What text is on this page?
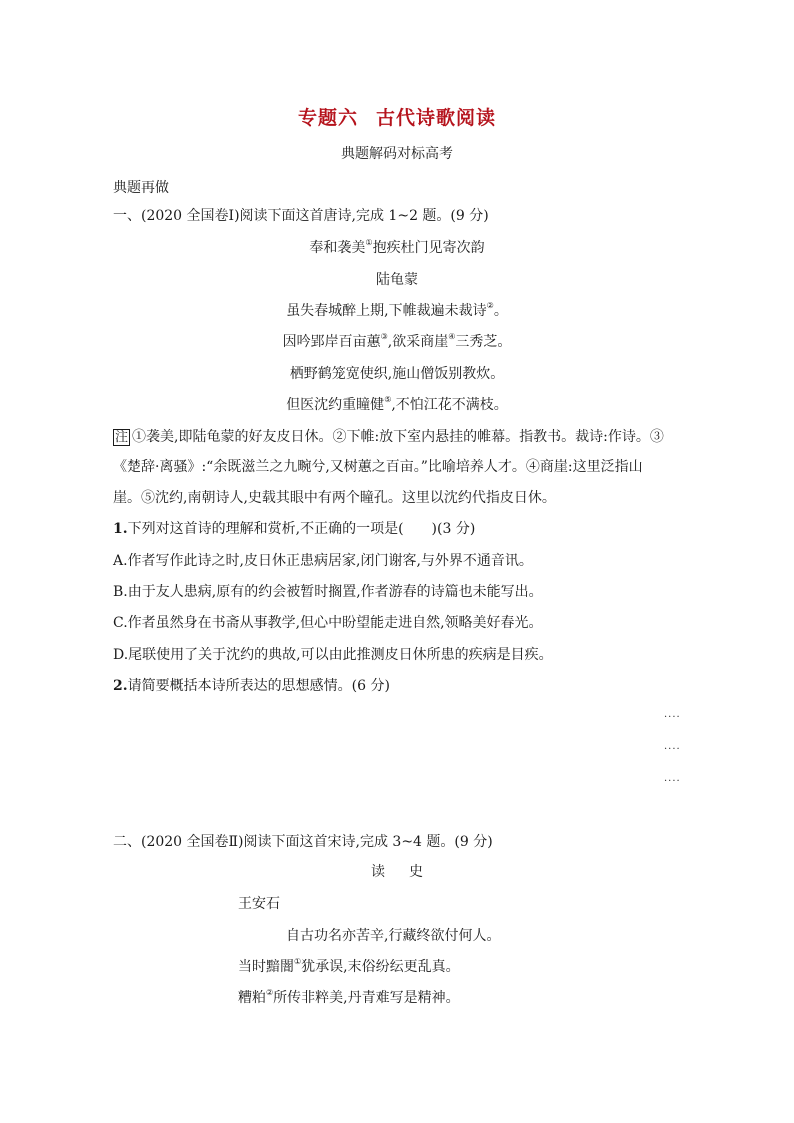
专题六 古代诗歌阅读
典题解码对标高考
典题再做
一、(2020 全国卷Ⅰ)阅读下面这首唐诗,完成 1~2 题。(9 分)
奉和袭美①抱疾杜门见寄次韵
陆龟蒙
虽失春城醉上期,下帷裁遍未裁诗②。
因吟郢岸百亩蕙③,欲采商崖④三秀芝。
栖野鹤笼宽使织,施山僧饭别教炊。
但医沈约重瞳健⑤,不怕江花不满枝。
注 ①袭美,即陆龟蒙的好友皮日休。②下帷:放下室内悬挂的帷幕。指教书。裁诗:作诗。③
《楚辞·离骚》:“余既滋兰之九畹兮,又树蕙之百亩。”比喻培养人才。④商崖:这里泛指山
崖。⑤沈约,南朝诗人,史载其眼中有两个瞳孔。这里以沈约代指皮日休。
1.下列对这首诗的理解和赏析,不正确的一项是(　　)(3 分)
A.作者写作此诗之时,皮日休正患病居家,闭门谢客,与外界不通音讯。
B.由于友人患病,原有的约会被暂时搁置,作者游春的诗篇也未能写出。
C.作者虽然身在书斋从事教学,但心中盼望能走进自然,领略美好春光。
D.尾联使用了关于沈约的典故,可以由此推测皮日休所患的疾病是目疾。
2.请简要概括本诗所表达的思想感情。(6 分)
····
····
····
二、(2020 全国卷Ⅱ)阅读下面这首宋诗,完成 3~4 题。(9 分)
读 史
王安石
自古功名亦苦辛,行藏终欲付何人。
当时黯闇①犹承误,末俗纷纭更乱真。
糟粕②所传非粹美,丹青难写是精神。
